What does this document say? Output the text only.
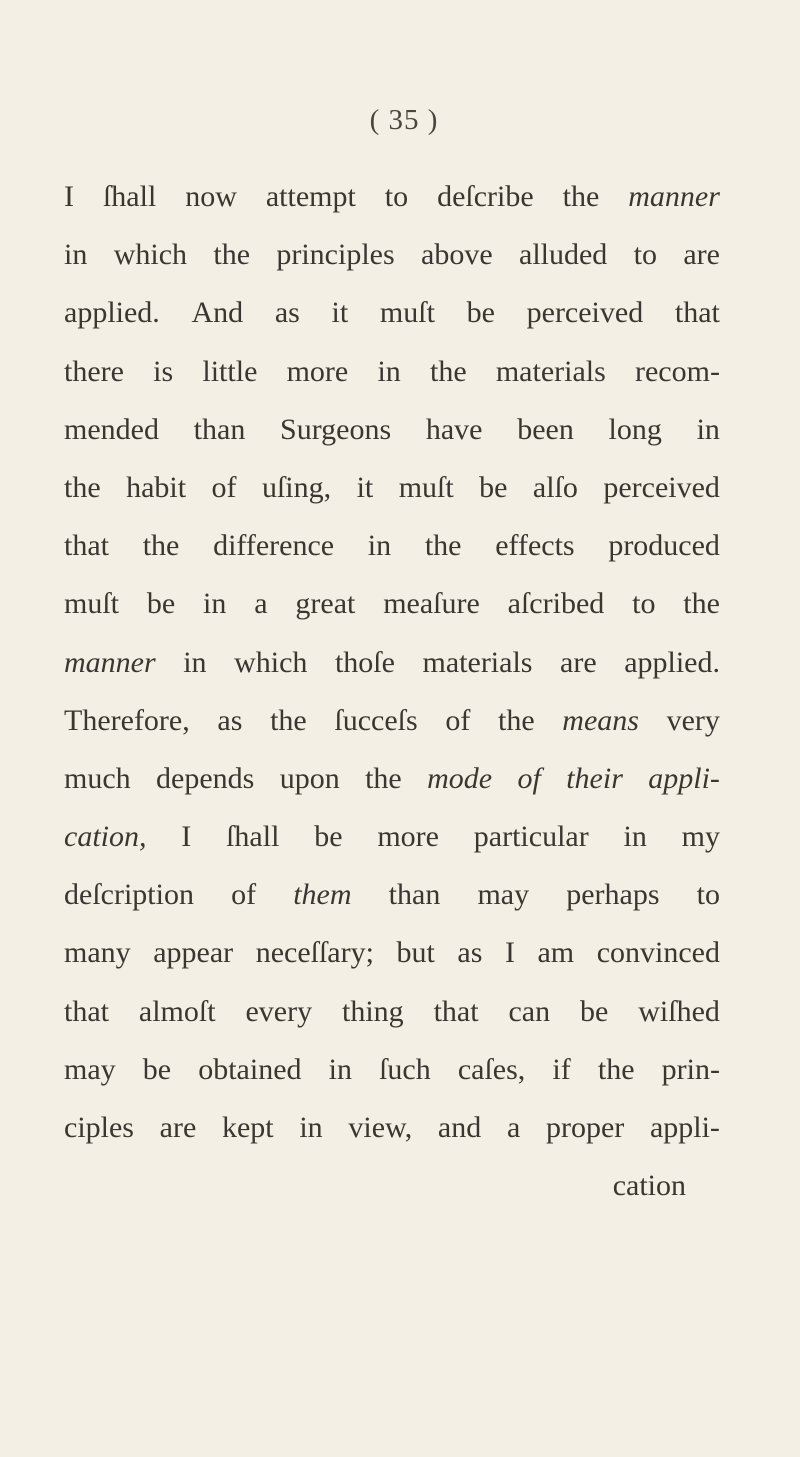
( 35 )
I ſhall now attempt to deſcribe the manner
in which the principles above alluded to are
applied. And as it muſt be perceived that
there is little more in the materials recom-
mended than Surgeons have been long in
the habit of uſing, it muſt be alſo perceived
that the difference in the effects produced
muſt be in a great meaſure aſcribed to the
manner in which thoſe materials are applied.
Therefore, as the ſucceſs of the means very
much depends upon the mode of their appli-
cation, I ſhall be more particular in my
deſcription of them than may perhaps to
many appear neceſſary; but as I am convinced
that almoſt every thing that can be wiſhed
may be obtained in ſuch caſes, if the prin-
ciples are kept in view, and a proper appli-
cation
